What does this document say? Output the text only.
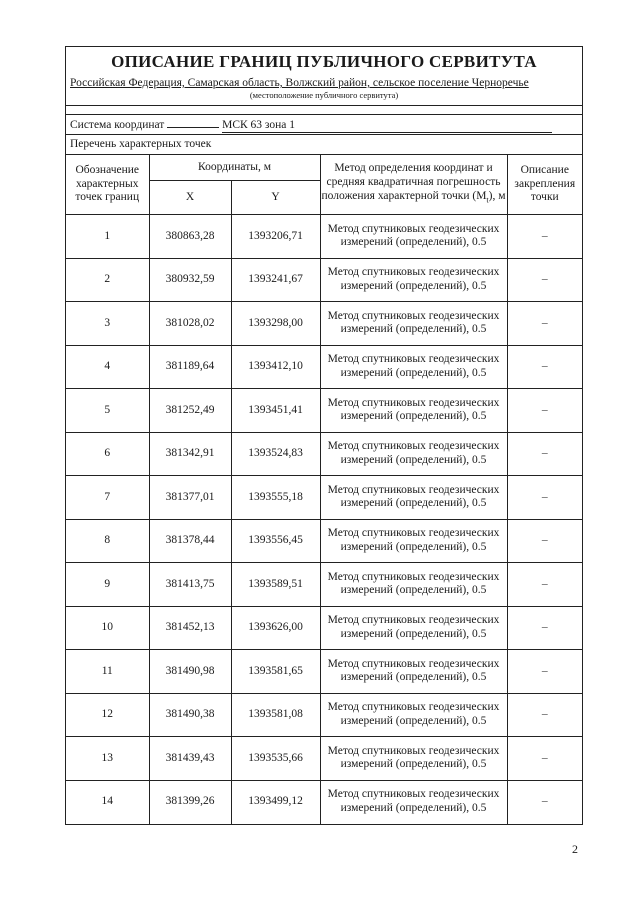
ОПИСАНИЕ ГРАНИЦ ПУБЛИЧНОГО СЕРВИТУТА
Российская Федерация, Самарская область, Волжский район, сельское поселение Черноречье
(местоположение публичного сервитута)
Система координат	МСК 63 зона 1
Перечень характерных точек
Обозначение характерных точек границ	Координаты, м		Метод определения координат и средняя квадратичная погрешность положения характерной точки $(M_t)$, м	Описание закрепления точки
	X	Y		
1	380863,28	1393206,71	Метод спутниковых геодезических измерений (определений), 0.5	–
2	380932,59	1393241,67	Метод спутниковых геодезических измерений (определений), 0.5	–
3	381028,02	1393298,00	Метод спутниковых геодезических измерений (определений), 0.5	–
4	381189,64	1393412,10	Метод спутниковых геодезических измерений (определений), 0.5	–
5	381252,49	1393451,41	Метод спутниковых геодезических измерений (определений), 0.5	–
6	381342,91	1393524,83	Метод спутниковых геодезических измерений (определений), 0.5	–
7	381377,01	1393555,18	Метод спутниковых геодезических измерений (определений), 0.5	–
8	381378,44	1393556,45	Метод спутниковых геодезических измерений (определений), 0.5	–
9	381413,75	1393589,51	Метод спутниковых геодезических измерений (определений), 0.5	–
10	381452,13	1393626,00	Метод спутниковых геодезических измерений (определений), 0.5	–
11	381490,98	1393581,65	Метод спутниковых геодезических измерений (определений), 0.5	–
12	381490,38	1393581,08	Метод спутниковых геодезических измерений (определений), 0.5	–
13	381439,43	1393535,66	Метод спутниковых геодезических измерений (определений), 0.5	–
14	381399,26	1393499,12	Метод спутниковых геодезических измерений (определений), 0.5	–
2
